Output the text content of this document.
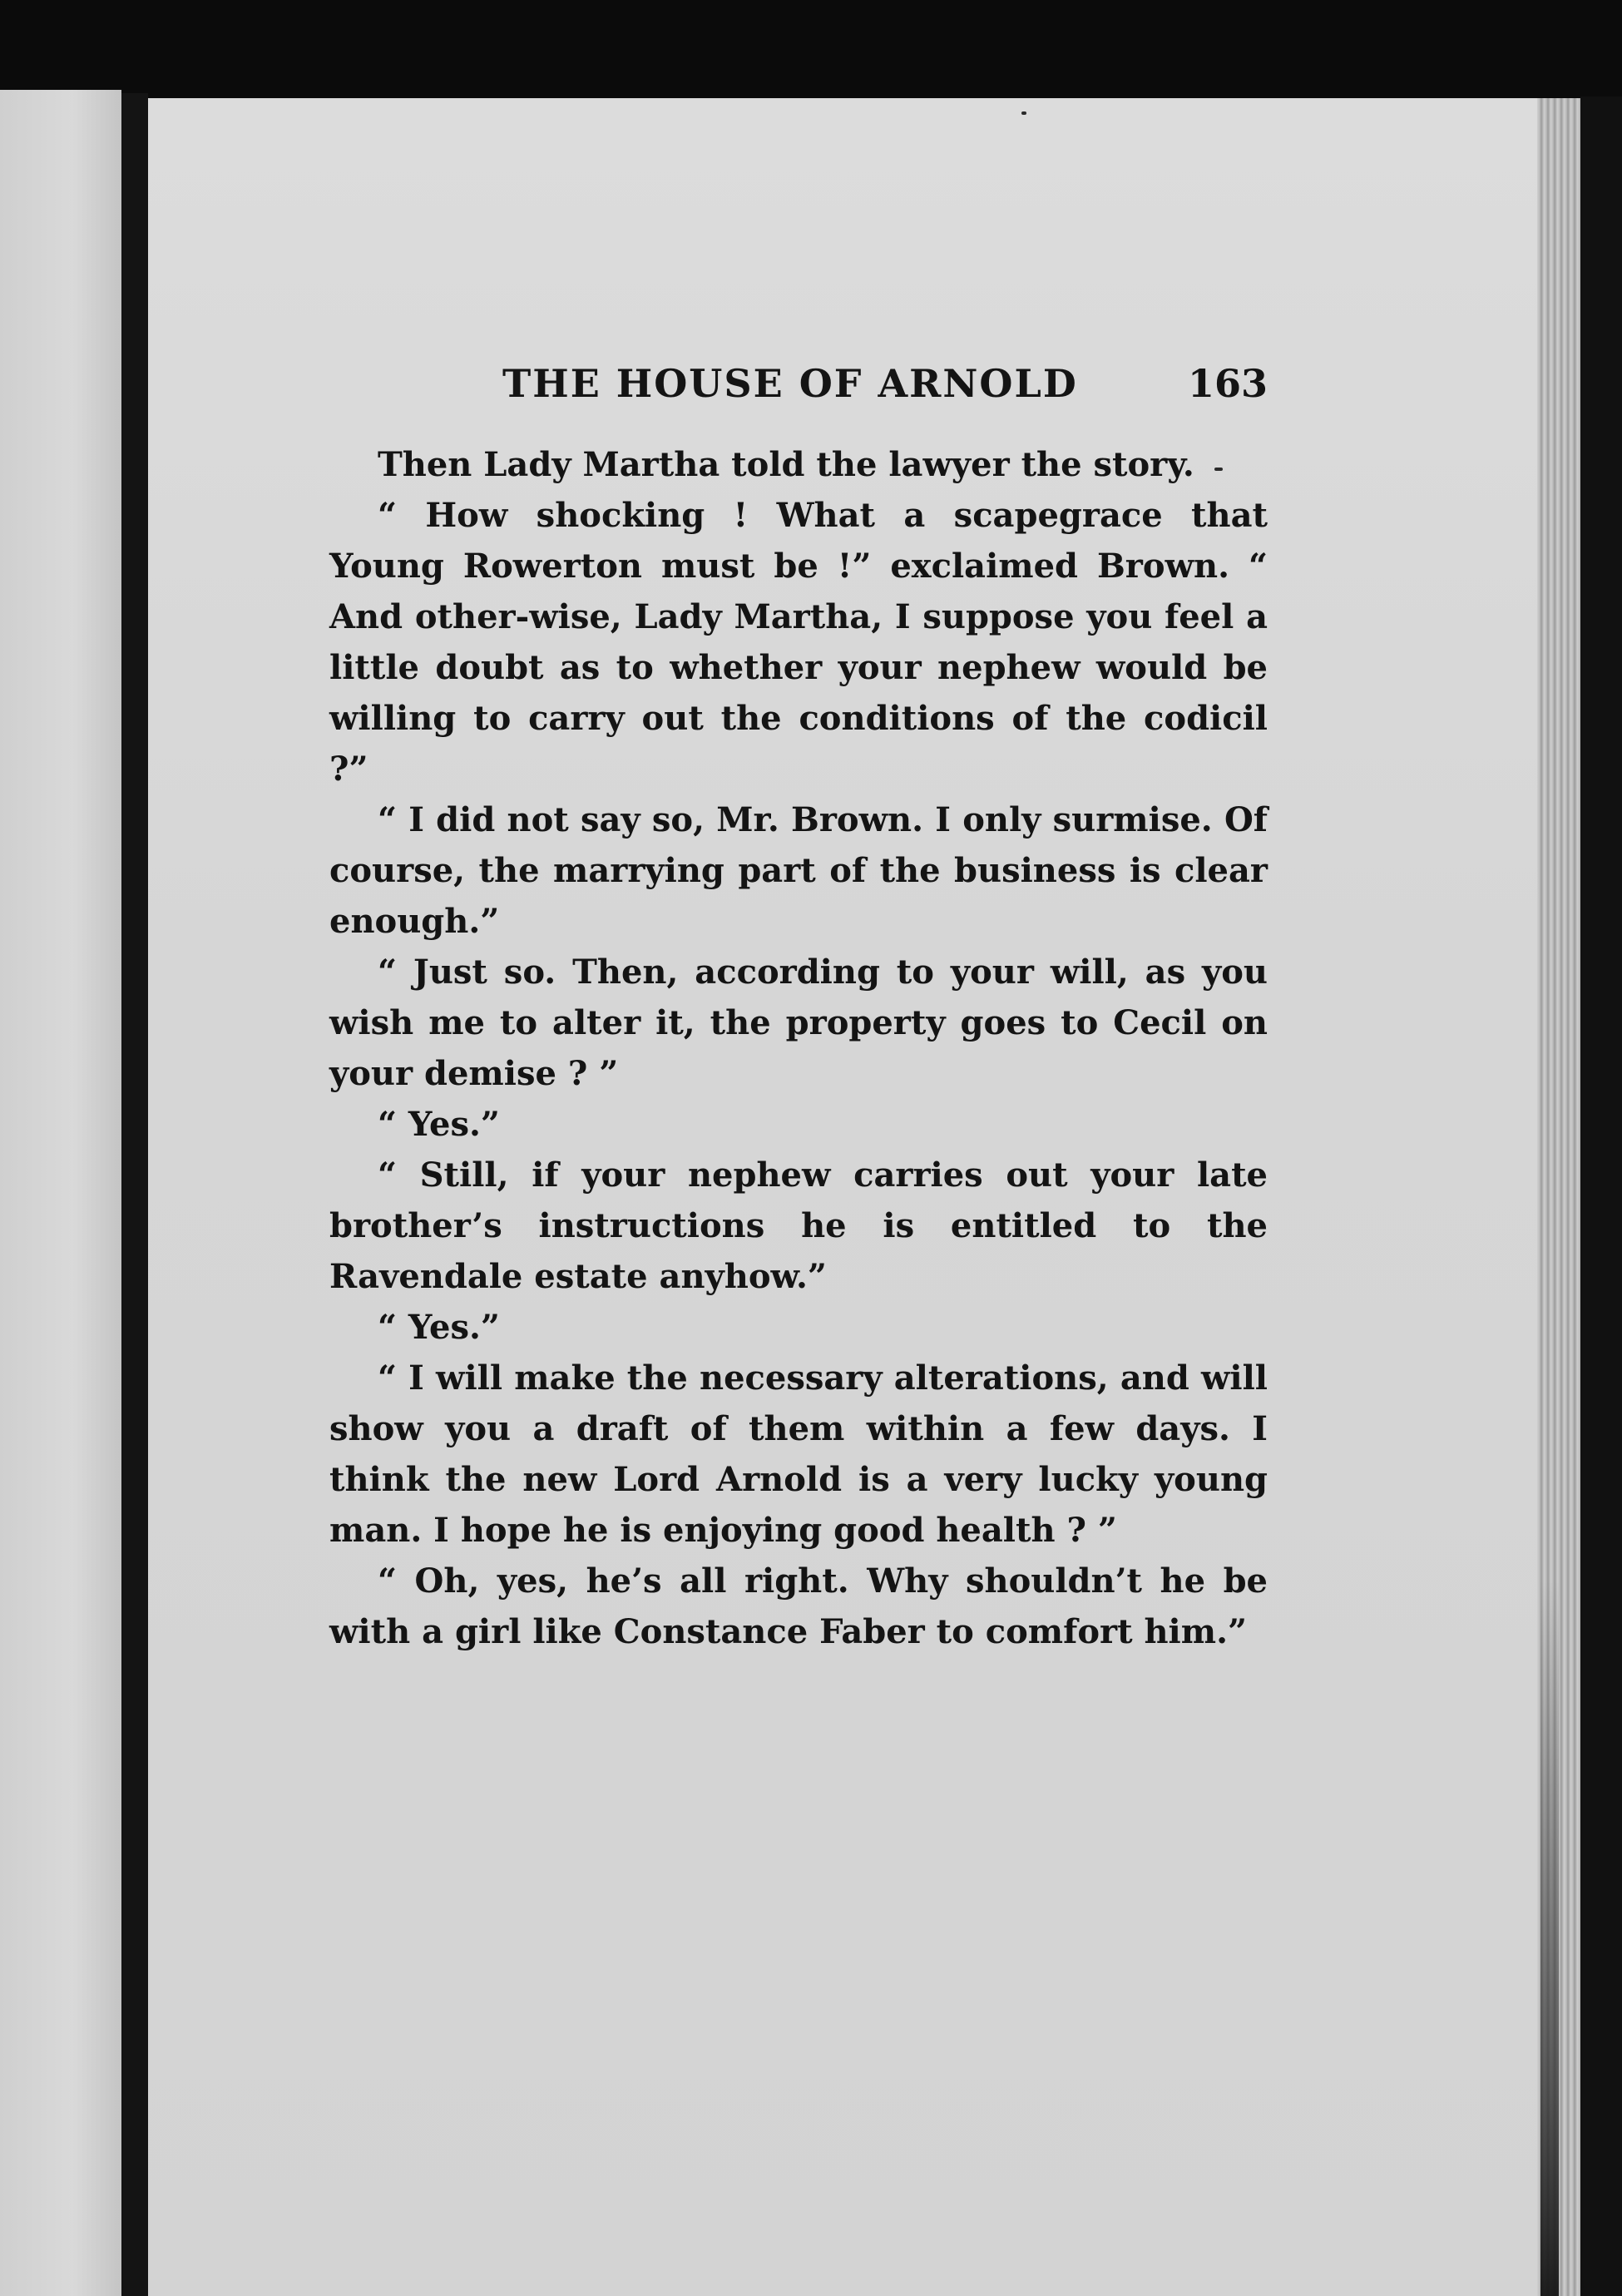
THE HOUSE OF ARNOLD	163

Then Lady Martha told the lawyer the story.

“ How shocking ! What a scapegrace that Young Rowerton must be !” exclaimed Brown. “ And other-wise, Lady Martha, I suppose you feel a little doubt as to whether your nephew would be willing to carry out the conditions of the codicil ?”

“ I did not say so, Mr. Brown. I only surmise. Of course, the marrying part of the business is clear enough.”

“ Just so. Then, according to your will, as you wish me to alter it, the property goes to Cecil on your demise ? ”

“ Yes.”

“ Still, if your nephew carries out your late brother’s instructions he is entitled to the Ravendale estate anyhow.”

“ Yes.”

“ I will make the necessary alterations, and will show you a draft of them within a few days. I think the new Lord Arnold is a very lucky young man. I hope he is enjoying good health ? ”

“ Oh, yes, he’s all right. Why shouldn’t he be with a girl like Constance Faber to comfort him.”
